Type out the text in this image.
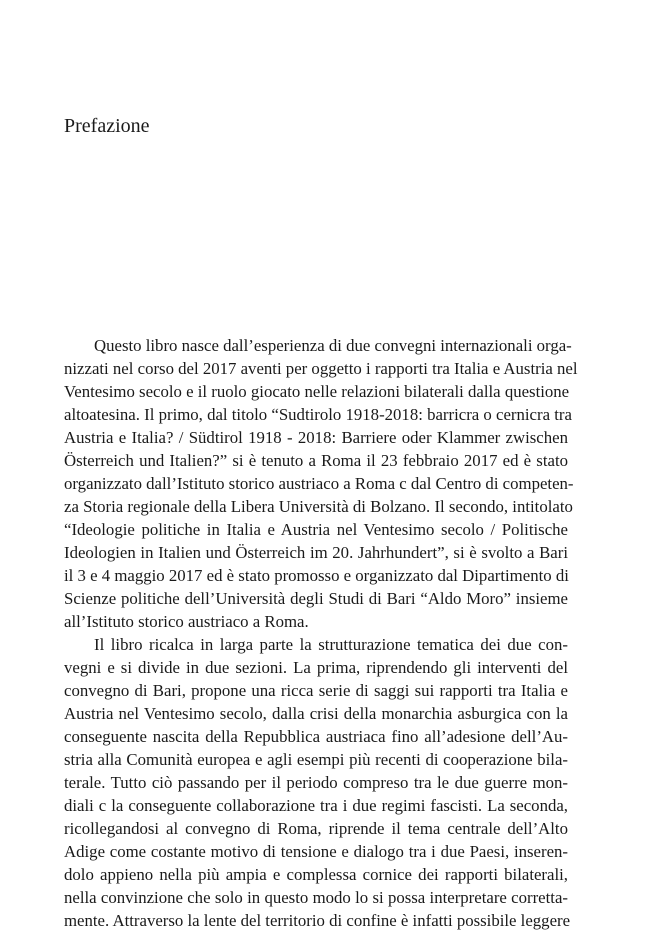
Prefazione
Questo libro nasce dall’esperienza di due convegni internazionali orga-
nizzati nel corso del 2017 aventi per oggetto i rapporti tra Italia e Austria nel
Ventesimo secolo e il ruolo giocato nelle relazioni bilaterali dalla questione
altoatesina. Il primo, dal titolo “Sudtirolo 1918-2018: barricra o cernicra tra
Austria e Italia? / Südtirol 1918 - 2018: Barriere oder Klammer zwischen
Österreich und Italien?” si è tenuto a Roma il 23 febbraio 2017 ed è stato
organizzato dall’Istituto storico austriaco a Roma c dal Centro di competen-
za Storia regionale della Libera Università di Bolzano. Il secondo, intitolato
“Ideologie politiche in Italia e Austria nel Ventesimo secolo / Politische
Ideologien in Italien und Österreich im 20. Jahrhundert”, si è svolto a Bari
il 3 e 4 maggio 2017 ed è stato promosso e organizzato dal Dipartimento di
Scienze politiche dell’Università degli Studi di Bari “Aldo Moro” insieme
all’Istituto storico austriaco a Roma.
Il libro ricalca in larga parte la strutturazione tematica dei due con-
vegni e si divide in due sezioni. La prima, riprendendo gli interventi del
convegno di Bari, propone una ricca serie di saggi sui rapporti tra Italia e
Austria nel Ventesimo secolo, dalla crisi della monarchia asburgica con la
conseguente nascita della Repubblica austriaca fino all’adesione dell’Au-
stria alla Comunità europea e agli esempi più recenti di cooperazione bila-
terale. Tutto ciò passando per il periodo compreso tra le due guerre mon-
diali c la conseguente collaborazione tra i due regimi fascisti. La seconda,
ricollegandosi al convegno di Roma, riprende il tema centrale dell’Alto
Adige come costante motivo di tensione e dialogo tra i due Paesi, inseren-
dolo appieno nella più ampia e complessa cornice dei rapporti bilaterali,
nella convinzione che solo in questo modo lo si possa interpretare corretta-
mente. Attraverso la lente del territorio di confine è infatti possibile leggere
